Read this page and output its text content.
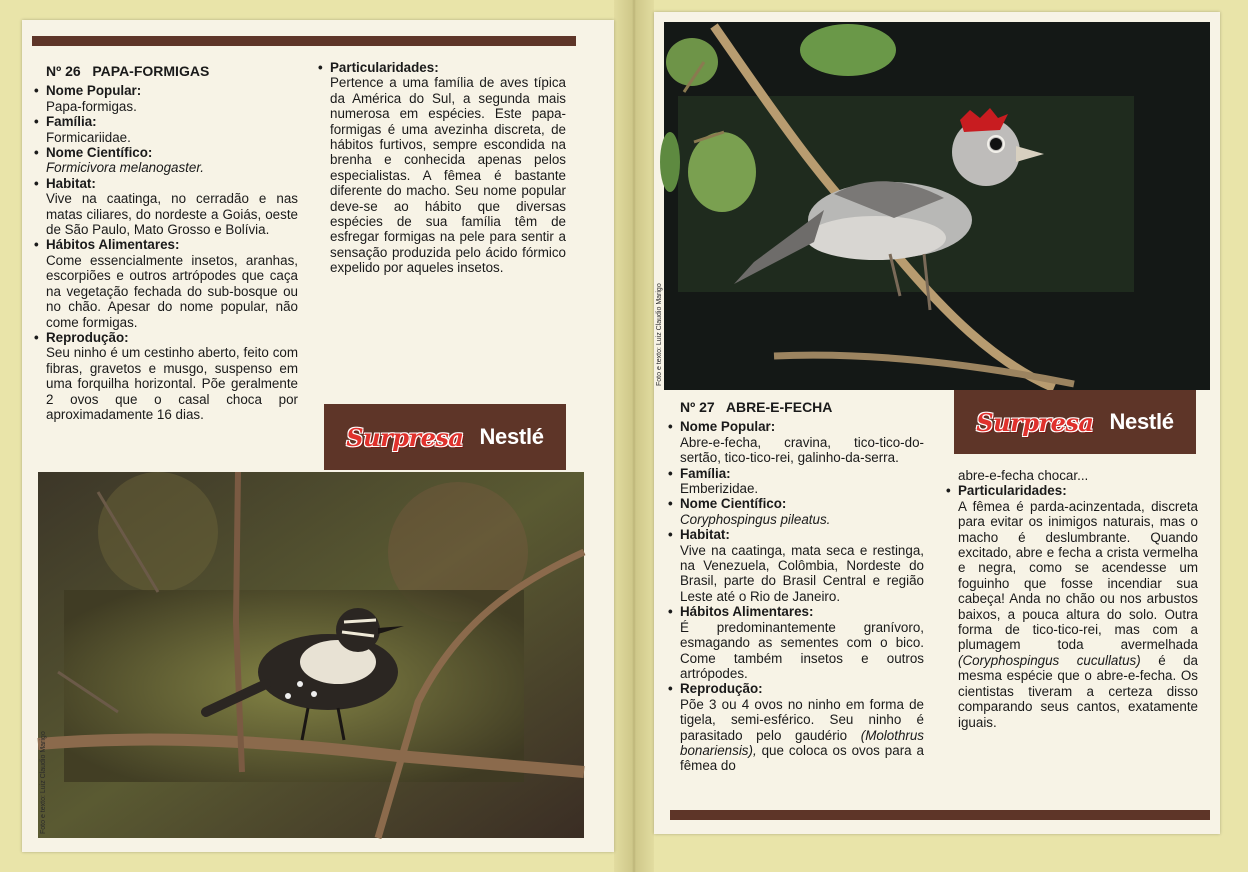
Nº 26 PAPA-FORMIGAS

• Nome Popular:
Papa-formigas.

• Família:
Formicariidae.

• Nome Científico:
Formicivora melanogaster.

• Habitat:
Vive na caatinga, no cerradão e nas matas ciliares, do nordeste a Goiás, oeste de São Paulo, Mato Grosso e Bolívia.

• Hábitos Alimentares:
Come essencialmente insetos, aranhas, escorpiões e outros artrópodes que caça na vegetação fechada do sub-bosque ou no chão. Apesar do nome popular, não come formigas.

• Reprodução:
Seu ninho é um cestinho aberto, feito com fibras, gravetos e musgo, suspenso em uma forquilha horizontal. Põe geralmente 2 ovos que o casal choca por aproximadamente 16 dias.

• Particularidades:
Pertence a uma família de aves típica da América do Sul, a segunda mais numerosa em espécies. Este papa-formigas é uma avezinha discreta, de hábitos furtivos, sempre escondida na brenha e conhecida apenas pelos especialistas. A fêmea é bastante diferente do macho. Seu nome popular deve-se ao hábito que diversas espécies de sua família têm de esfregar formigas na pele para sentir a sensação produzida pelo ácido fórmico expelido por aqueles insetos.

Surpresa Nestlé
Foto e texto: Luiz Claudio Marigo
Foto e texto: Luiz Claudio Marigo
Surpresa Nestlé

Nº 27 ABRE-E-FECHA

• Nome Popular:
Abre-e-fecha, cravina, tico-tico-do-sertão, tico-tico-rei, galinho-da-serra.

• Família:
Emberizidae.

• Nome Científico:
Coryphospingus pileatus.

• Habitat:
Vive na caatinga, mata seca e restinga, na Venezuela, Colômbia, Nordeste do Brasil, parte do Brasil Central e região Leste até o Rio de Janeiro.

• Hábitos Alimentares:
É predominantemente granívoro, esmagando as sementes com o bico. Come também insetos e outros artrópodes.

• Reprodução:
Põe 3 ou 4 ovos no ninho em forma de tigela, semi-esférico. Seu ninho é parasitado pelo gaudério (Molothrus bonariensis), que coloca os ovos para a fêmea do

abre-e-fecha chocar...

• Particularidades:
A fêmea é parda-acinzentada, discreta para evitar os inimigos naturais, mas o macho é deslumbrante. Quando excitado, abre e fecha a crista vermelha e negra, como se acendesse um foguinho que fosse incendiar sua cabeça! Anda no chão ou nos arbustos baixos, a pouca altura do solo. Outra forma de tico-tico-rei, mas com a plumagem toda avermelhada (Coryphospingus cucullatus) é da mesma espécie que o abre-e-fecha. Os cientistas tiveram a certeza disso comparando seus cantos, exatamente iguais.
